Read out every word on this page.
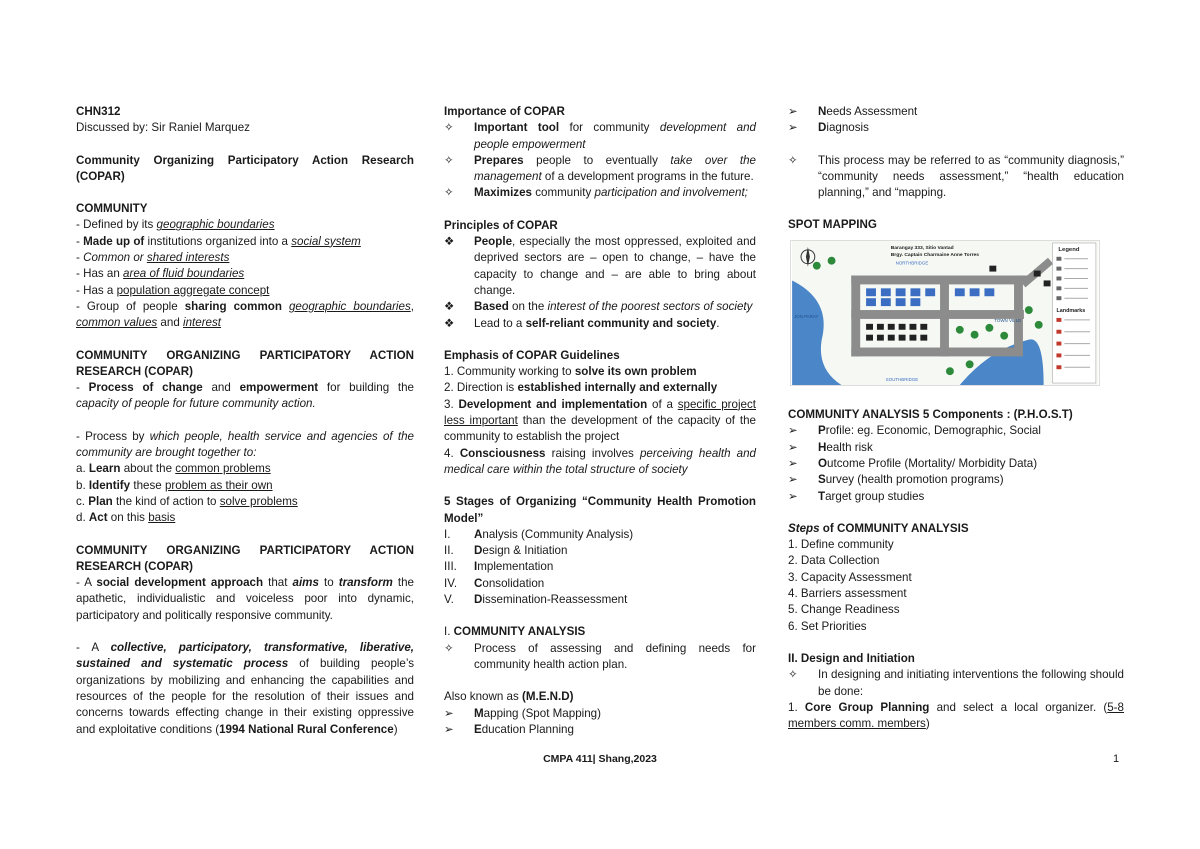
CHN312
Discussed by: Sir Raniel Marquez

Community Organizing Participatory Action Research (COPAR)

COMMUNITY
- Defined by its geographic boundaries
- Made up of institutions organized into a social system
- Common or shared interests
- Has an area of fluid boundaries
- Has a population aggregate concept

- Group of people sharing common geographic boundaries, common values and interest

COMMUNITY ORGANIZING PARTICIPATORY ACTION RESEARCH (COPAR)

- Process of change and empowerment for building the capacity of people for future community action.

- Process by which people, health service and agencies of the community are brought together to:

a. Learn about the common problems
b. Identify these problem as their own
c. Plan the kind of action to solve problems
d. Act on this basis

COMMUNITY ORGANIZING PARTICIPATORY ACTION RESEARCH (COPAR)

- A social development approach that aims to transform the apathetic, individualistic and voiceless poor into dynamic, participatory and politically responsive community.

- A collective, participatory, transformative, liberative, sustained and systematic process of building people’s organizations by mobilizing and enhancing the capabilities and resources of the people for the resolution of their issues and concerns towards effecting change in their existing oppressive and exploitative conditions (1994 National Rural Conference)

Importance of COPAR
✧	Important tool for community development and people empowerment
✧	Prepares people to eventually take over the management of a development programs in the future.
✧	Maximizes community participation and involvement;
Principles of COPAR
❖	People, especially the most oppressed, exploited and deprived sectors are – open to change, – have the capacity to change and – are able to bring about change.
❖	Based on the interest of the poorest sectors of society
❖	Lead to a self-reliant community and society.
Emphasis of COPAR Guidelines

1. Community working to solve its own problem

2. Direction is established internally and externally

3. Development and implementation of a specific project less important than the development of the capacity of the community to establish the project

4. Consciousness raising involves perceiving health and medical care within the total structure of society

5 Stages of Organizing “Community Health Promotion Model”

I.	Analysis (Community Analysis)
II.	Design & Initiation
III.	Implementation
IV.	Consolidation
V.	Dissemination-Reassessment
I. COMMUNITY ANALYSIS
✧	Process of assessing and defining needs for community health action plan.
Also known as (M.E.N.D)
➢	Mapping (Spot Mapping)
➢	Education Planning
➢	Needs Assessment
➢	Diagnosis
✧	This process may be referred to as “community diagnosis,” “community needs assessment,” “health education planning,” and “mapping.
SPOT MAPPING
Barangay 333, Sitio Vantad
Brgy. Captain Charmaine Anne Torres
NORTHBRIDGE
SOUTHBRIDGE
JON PARAY
TOWN VILLE
Legend
Landmarks
COMMUNITY ANALYSIS 5 Components : (P.H.O.S.T)
➢	Profile: eg. Economic, Demographic, Social
➢	Health risk
➢	Outcome Profile (Mortality/ Morbidity Data)
➢	Survey (health promotion programs)
➢	Target group studies
Steps of COMMUNITY ANALYSIS
1. Define community
2. Data Collection
3. Capacity Assessment
4. Barriers assessment
5. Change Readiness
6. Set Priorities
II. Design and Initiation
✧	In designing and initiating interventions the following should be done:

1. Core Group Planning and select a local organizer. (5-8 members comm. members)

CMPA 411| Shang,2023	1
